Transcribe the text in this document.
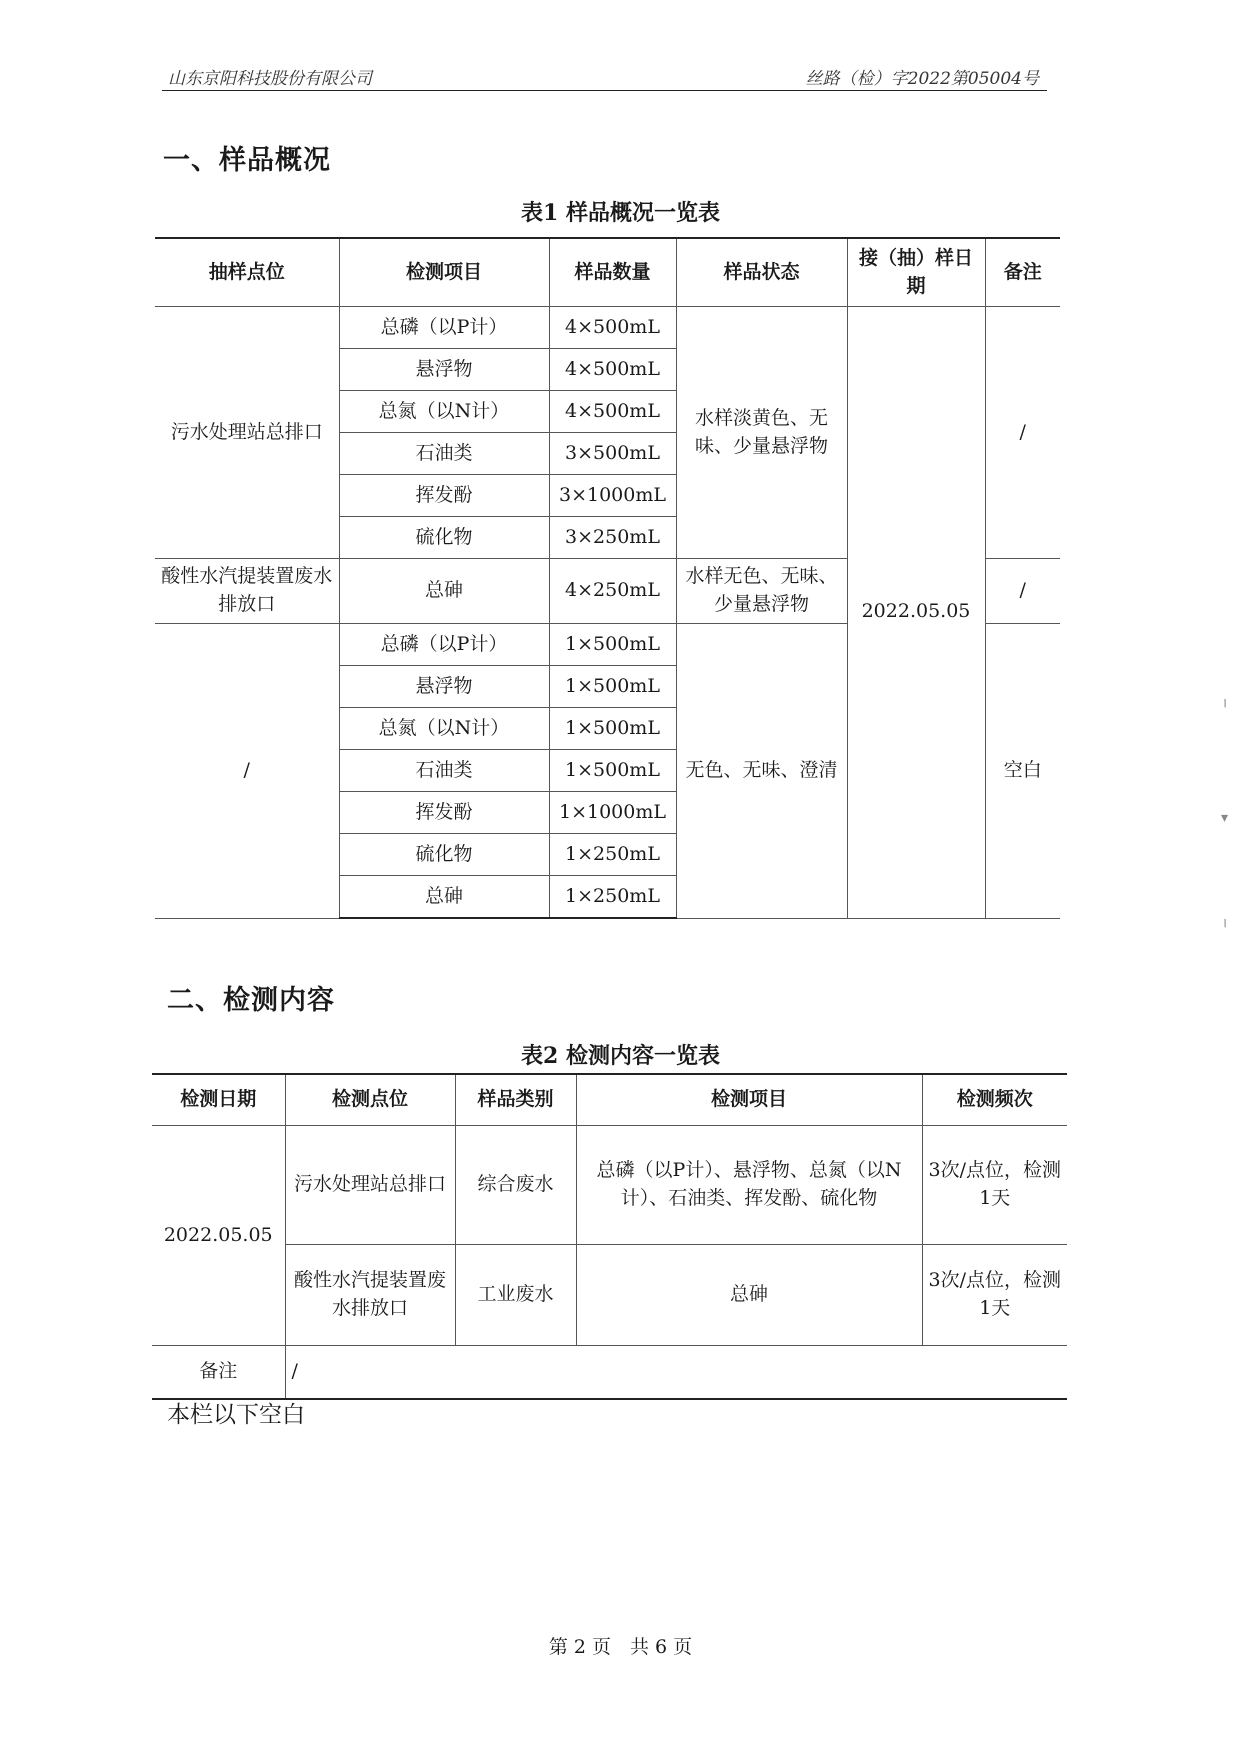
山东京阳科技股份有限公司	丝路（检）字2022第05004号
一、样品概况
表1 样品概况一览表
抽样点位	检测项目	样品数量	样品状态	接（抽）样日期	备注
污水处理站总排口	总磷（以P计）	4×500mL	水样淡黄色、无味、少量悬浮物	2022.05.05	/
	悬浮物	4×500mL			
	总氮（以N计）	4×500mL			
	石油类	3×500mL			
	挥发酚	3×1000mL			
	硫化物	3×250mL			
酸性水汽提装置废水排放口	总砷	4×250mL	水样无色、无味、少量悬浮物		/
/	总磷（以P计）	1×500mL	无色、无味、澄清		空白
	悬浮物	1×500mL			
	总氮（以N计）	1×500mL			
	石油类	1×500mL			
	挥发酚	1×1000mL			
	硫化物	1×250mL			
	总砷	1×250mL			
二、检测内容
表2 检测内容一览表
检测日期	检测点位	样品类别	检测项目	检测频次
2022.05.05	污水处理站总排口	综合废水	总磷（以P计）、悬浮物、总氮（以N计）、石油类、挥发酚、硫化物	3次/点位，检测1天
	酸性水汽提装置废水排放口	工业废水	总砷	3次/点位，检测1天
备注	/			
本栏以下空白
第 2 页　共 6 页
╵
▾
╵
